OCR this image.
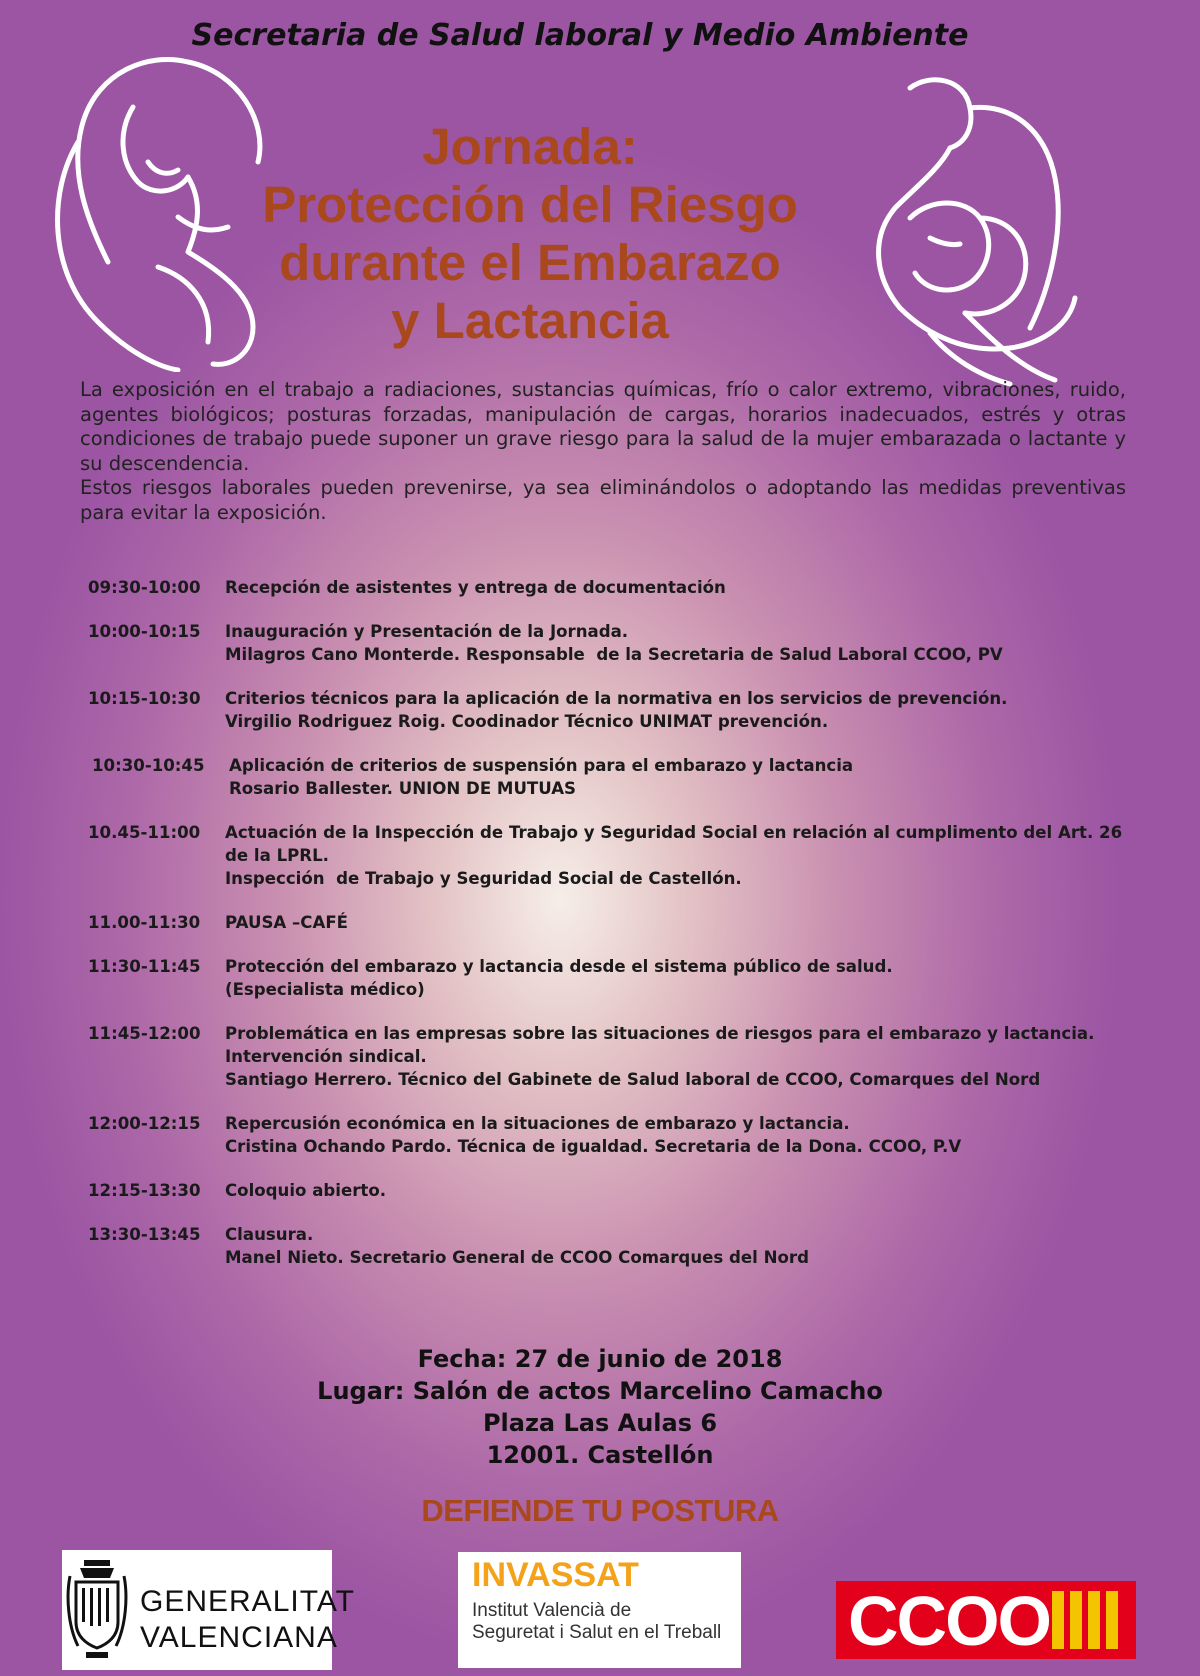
Secretaria de Salud laboral y Medio Ambiente
Jornada:
Protección del Riesgo
durante el Embarazo
y Lactancia

La exposición en el trabajo a radiaciones, sustancias químicas, frío o calor extremo, vibraciones, ruido, agentes biológicos; posturas forzadas, manipulación de cargas, horarios inadecuados, estrés y otras condiciones de trabajo puede suponer un grave riesgo para la salud de la mujer embarazada o lactante y su descendencia.

Estos riesgos laborales pueden prevenirse, ya sea eliminándolos o adoptando las medidas preventivas para evitar la exposición.

09:30-10:00	Recepción de asistentes y entrega de documentación
10:00-10:15	Inauguración y Presentación de la Jornada.
Milagros Cano Monterde. Responsable  de la Secretaria de Salud Laboral CCOO, PV
10:15-10:30	Criterios técnicos para la aplicación de la normativa en los servicios de prevención.
Virgilio Rodriguez Roig. Coodinador Técnico UNIMAT prevención.
10:30-10:45	Aplicación de criterios de suspensión para el embarazo y lactancia
Rosario Ballester. UNION DE MUTUAS
10.45-11:00	Actuación de la Inspección de Trabajo y Seguridad Social en relación al cumplimento del Art. 26 de la LPRL.
Inspección  de Trabajo y Seguridad Social de Castellón.
11.00-11:30	PAUSA –CAFÉ
11:30-11:45	Protección del embarazo y lactancia desde el sistema público de salud.
(Especialista médico)
11:45-12:00	Problemática en las empresas sobre las situaciones de riesgos para el embarazo y lactancia. Intervención sindical.
Santiago Herrero. Técnico del Gabinete de Salud laboral de CCOO, Comarques del Nord
12:00-12:15	Repercusión económica en la situaciones de embarazo y lactancia.
Cristina Ochando Pardo. Técnica de igualdad. Secretaria de la Dona. CCOO, P.V
12:15-13:30	Coloquio abierto.
13:30-13:45	Clausura.
Manel Nieto. Secretario General de CCOO Comarques del Nord
Fecha: 27 de junio de 2018
Lugar: Salón de actos Marcelino Camacho
Plaza Las Aulas 6
12001. Castellón
DEFIENDE TU POSTURA
GENERALITAT
VALENCIANA
INVASSAT
Institut Valencià de
Seguretat i Salut en el Treball CCOO
